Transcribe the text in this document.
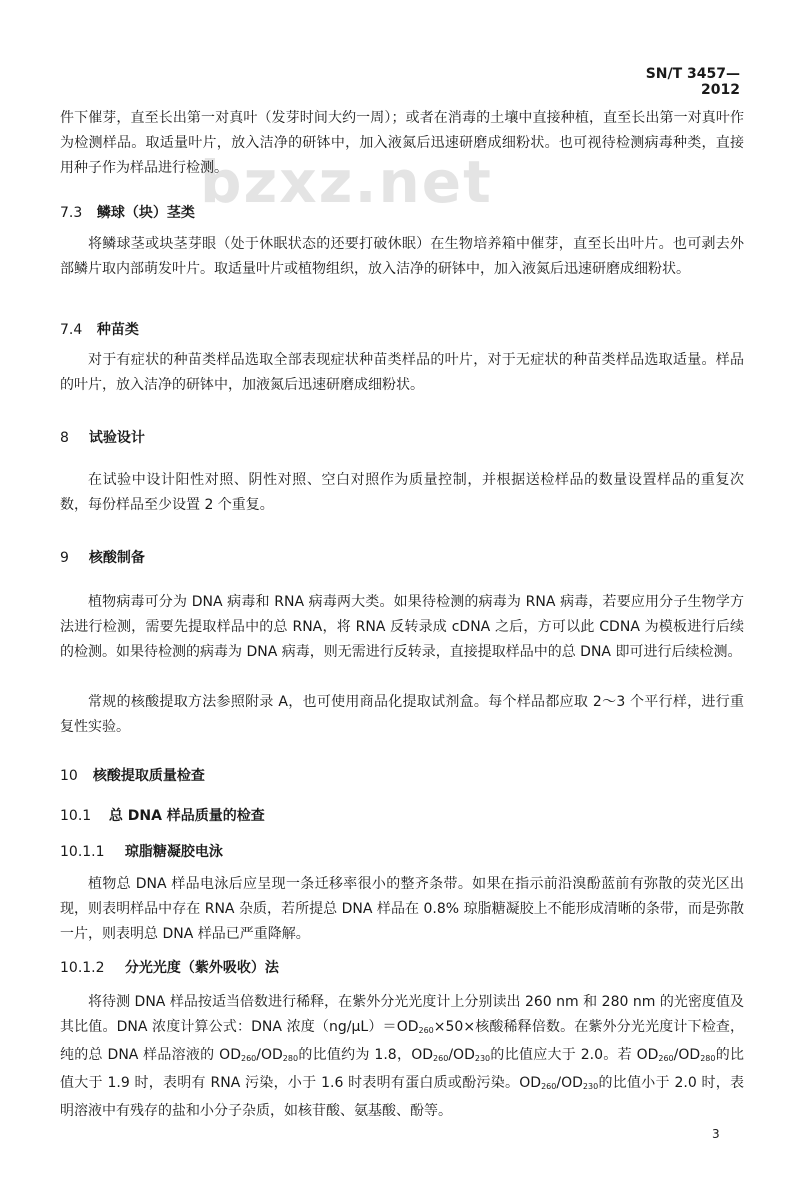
SN/T 3457—2012
bzxz.net

件下催芽，直至长出第一对真叶（发芽时间大约一周）；或者在消毒的土壤中直接种植，直至长出第一对真叶作为检测样品。取适量叶片，放入洁净的研钵中，加入液氮后迅速研磨成细粉状。也可视待检测病毒种类，直接用种子作为样品进行检测。

7.3 鳞球（块）茎类

将鳞球茎或块茎芽眼（处于休眠状态的还要打破休眠）在生物培养箱中催芽，直至长出叶片。也可剥去外部鳞片取内部萌发叶片。取适量叶片或植物组织，放入洁净的研钵中，加入液氮后迅速研磨成细粉状。

7.4 种苗类

对于有症状的种苗类样品选取全部表现症状种苗类样品的叶片，对于无症状的种苗类样品选取适量。样品的叶片，放入洁净的研钵中，加液氮后迅速研磨成细粉状。

8 试验设计

在试验中设计阳性对照、阴性对照、空白对照作为质量控制，并根据送检样品的数量设置样品的重复次数，每份样品至少设置 2 个重复。

9 核酸制备

植物病毒可分为 DNA 病毒和 RNA 病毒两大类。如果待检测的病毒为 RNA 病毒，若要应用分子生物学方法进行检测，需要先提取样品中的总 RNA，将 RNA 反转录成 cDNA 之后，方可以此 CDNA 为模板进行后续的检测。如果待检测的病毒为 DNA 病毒，则无需进行反转录，直接提取样品中的总 DNA 即可进行后续检测。

常规的核酸提取方法参照附录 A，也可使用商品化提取试剂盒。每个样品都应取 2～3 个平行样，进行重复性实验。

10 核酸提取质量检查
10.1 总 DNA 样品质量的检查
10.1.1 琼脂糖凝胶电泳

植物总 DNA 样品电泳后应呈现一条迁移率很小的整齐条带。如果在指示前沿溴酚蓝前有弥散的荧光区出现，则表明样品中存在 RNA 杂质，若所提总 DNA 样品在 0.8% 琼脂糖凝胶上不能形成清晰的条带，而是弥散一片，则表明总 DNA 样品已严重降解。

10.1.2 分光光度（紫外吸收）法

将待测 DNA 样品按适当倍数进行稀释，在紫外分光光度计上分别读出 260 nm 和 280 nm 的光密度值及其比值。DNA 浓度计算公式：DNA 浓度$(ng/\mu L)=OD_{260}\times 50\times$核酸稀释倍数。在紫外分光光度计下检查，纯的总 DNA 样品溶液的 $OD_{260}/OD_{280}$的比值约为 1.8，$OD_{260}/OD_{230}$的比值应大于 2.0。若 $OD_{260}/OD_{280}$的比值大于 1.9 时，表明有 RNA 污染，小于 1.6 时表明有蛋白质或酚污染。$OD_{260}/OD_{230}$的比值小于 2.0 时，表明溶液中有残存的盐和小分子杂质，如核苷酸、氨基酸、酚等。

3
